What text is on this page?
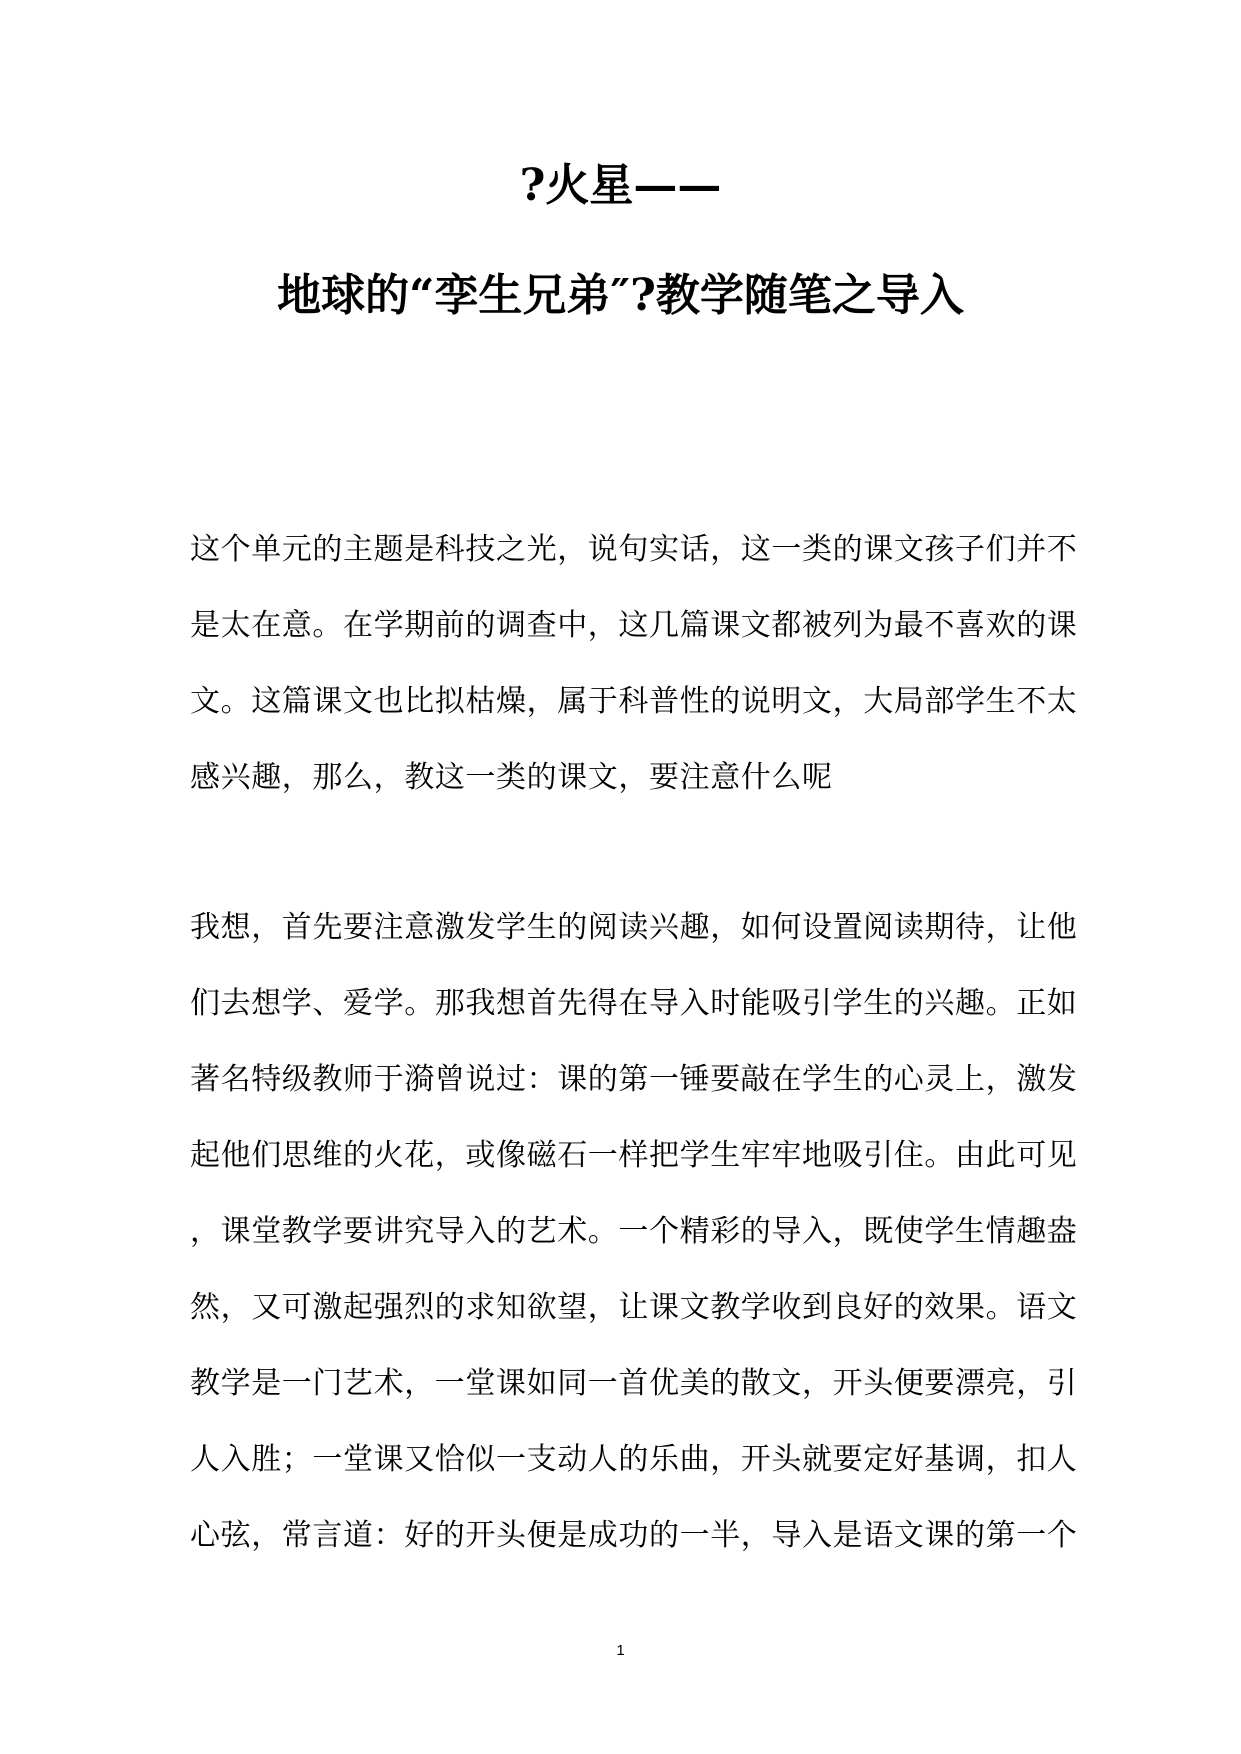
?火星——
地球的“孪生兄弟″?教学随笔之导入
这个单元的主题是科技之光，说句实话，这一类的课文孩子们并不
是太在意。在学期前的调查中，这几篇课文都被列为最不喜欢的课
文。这篇课文也比拟枯燥，属于科普性的说明文，大局部学生不太
感兴趣，那么，教这一类的课文，要注意什么呢
我想，首先要注意激发学生的阅读兴趣，如何设置阅读期待，让他
们去想学、爱学。那我想首先得在导入时能吸引学生的兴趣。正如
著名特级教师于漪曾说过：课的第一锤要敲在学生的心灵上，激发
起他们思维的火花，或像磁石一样把学生牢牢地吸引住。由此可见
，课堂教学要讲究导入的艺术。一个精彩的导入，既使学生情趣盎
然，又可激起强烈的求知欲望，让课文教学收到良好的效果。语文
教学是一门艺术，一堂课如同一首优美的散文，开头便要漂亮，引
人入胜；一堂课又恰似一支动人的乐曲，开头就要定好基调，扣人
心弦，常言道：好的开头便是成功的一半，导入是语文课的第一个
1
